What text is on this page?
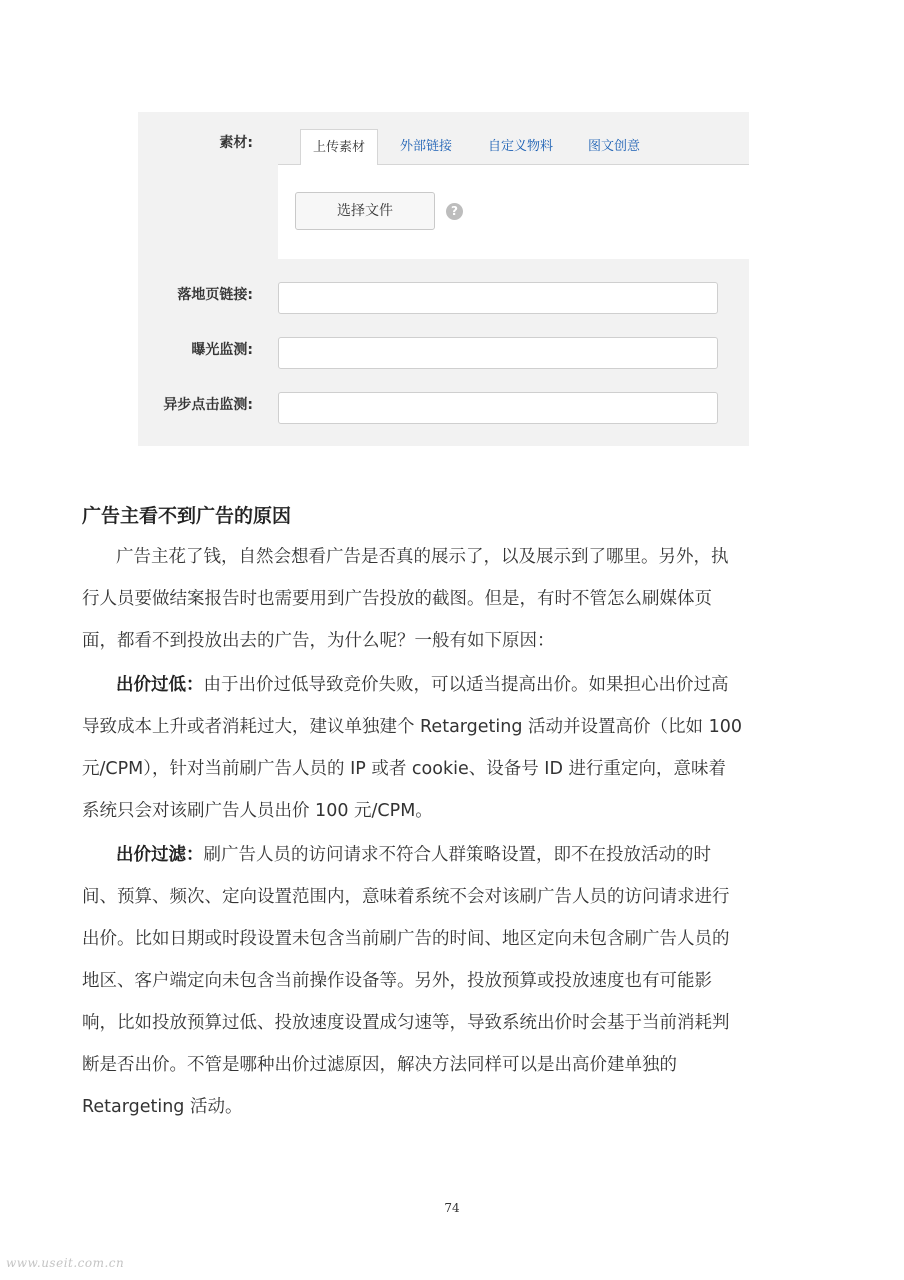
素材:	上传素材	外部链接	自定义物料	图文创意
选择文件	?
落地页链接:
曝光监测:
异步点击监测:
广告主看不到广告的原因
广告主花了钱，自然会想看广告是否真的展示了，以及展示到了哪里。另外，执
行人员要做结案报告时也需要用到广告投放的截图。但是，有时不管怎么刷媒体页
面，都看不到投放出去的广告，为什么呢？一般有如下原因：
出价过低：由于出价过低导致竞价失败，可以适当提高出价。如果担心出价过高
导致成本上升或者消耗过大，建议单独建个 Retargeting 活动并设置高价（比如 100
元/CPM），针对当前刷广告人员的 IP 或者 cookie、设备号 ID 进行重定向，意味着
系统只会对该刷广告人员出价 100 元/CPM。
出价过滤：刷广告人员的访问请求不符合人群策略设置，即不在投放活动的时
间、预算、频次、定向设置范围内，意味着系统不会对该刷广告人员的访问请求进行
出价。比如日期或时段设置未包含当前刷广告的时间、地区定向未包含刷广告人员的
地区、客户端定向未包含当前操作设备等。另外，投放预算或投放速度也有可能影
响，比如投放预算过低、投放速度设置成匀速等，导致系统出价时会基于当前消耗判
断是否出价。不管是哪种出价过滤原因，解决方法同样可以是出高价建单独的
Retargeting 活动。
74
www.useit.com.cn
